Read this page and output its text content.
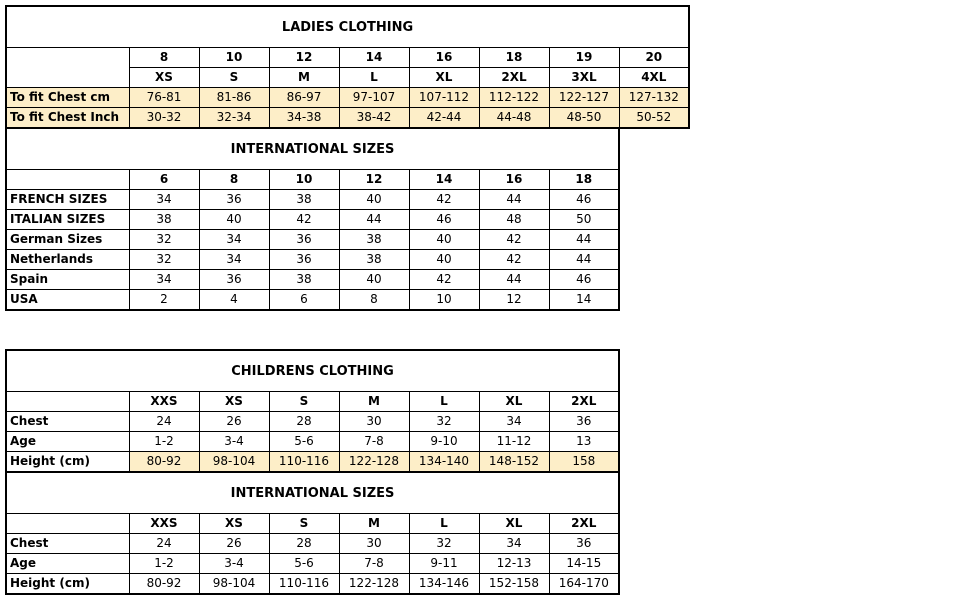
LADIES CLOTHING								
	8	10	12	14	16	18	19	20
	XS	S	M	L	XL	2XL	3XL	4XL
To fit Chest cm	76-81	81-86	86-97	97-107	107-112	112-122	122-127	127-132
To fit Chest Inch	30-32	32-34	34-38	38-42	42-44	44-48	48-50	50-52
INTERNATIONAL SIZES							
	6	8	10	12	14	16	18
FRENCH SIZES	34	36	38	40	42	44	46
ITALIAN SIZES	38	40	42	44	46	48	50
German Sizes	32	34	36	38	40	42	44
Netherlands	32	34	36	38	40	42	44
Spain	34	36	38	40	42	44	46
USA	2	4	6	8	10	12	14
CHILDRENS CLOTHING							
	XXS	XS	S	M	L	XL	2XL
Chest	24	26	28	30	32	34	36
Age	1-2	3-4	5-6	7-8	9-10	11-12	13
Height (cm)	80-92	98-104	110-116	122-128	134-140	148-152	158
INTERNATIONAL SIZES							
	XXS	XS	S	M	L	XL	2XL
Chest	24	26	28	30	32	34	36
Age	1-2	3-4	5-6	7-8	9-11	12-13	14-15
Height (cm)	80-92	98-104	110-116	122-128	134-146	152-158	164-170
